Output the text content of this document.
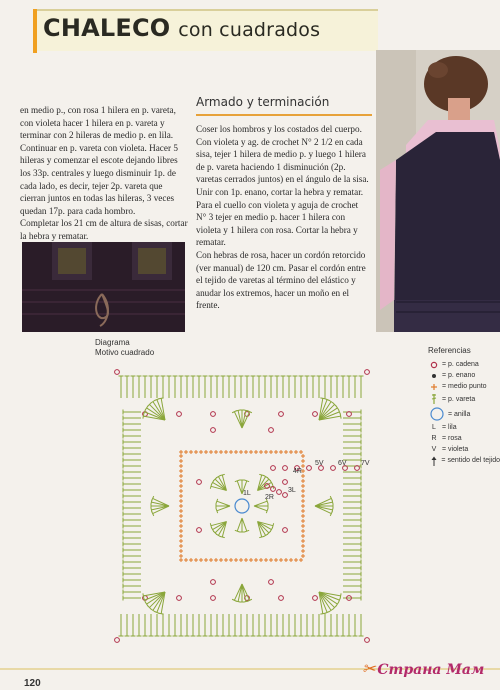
CHALECO con cuadrados

en medio p., con rosa 1 hilera en p. vareta, con violeta hacer 1 hilera en p. vareta y terminar con 2 hileras de medio p. en lila. Continuar en p. vareta con violeta. Hacer 5 hileras y comenzar el escote dejando libres los 33p. centrales y luego disminuir 1p. de cada lado, es decir, tejer 2p. vareta que cierran juntos en todas las hileras, 3 veces quedan 17p. para cada hombro.

Completar los 21 cm de altura de sisas, cortar la hebra y rematar.

Armado y terminación

Coser los hombros y los costados del cuerpo.

Con violeta y ag. de crochet N° 2 1/2 en cada sisa, tejer 1 hilera de medio p. y luego 1 hilera de p. vareta haciendo 1 disminución (2p. varetas cerrados juntos) en el ángulo de la sisa. Unir con 1p. enano, cortar la hebra y rematar.

Para el cuello con violeta y aguja de crochet N° 3 tejer en medio p. hacer 1 hilera con violeta y 1 hilera con rosa. Cortar la hebra y rematar.

Con hebras de rosa, hacer un cordón retorcido (ver manual) de 120 cm. Pasar el cordón entre el tejido de varetas al término del elástico y anudar los extremos, hacer un moño en el frente.

Diagrama
Motivo cuadrado
5V 6V 7V
4R
1L
2R
3L
Referencias
= p. cadena
= p. enano
= medio punto
= p. vareta
= anilla
L = lila
R = rosa
V = violeta
= sentido del tejido
120
✂ Страна Мам
